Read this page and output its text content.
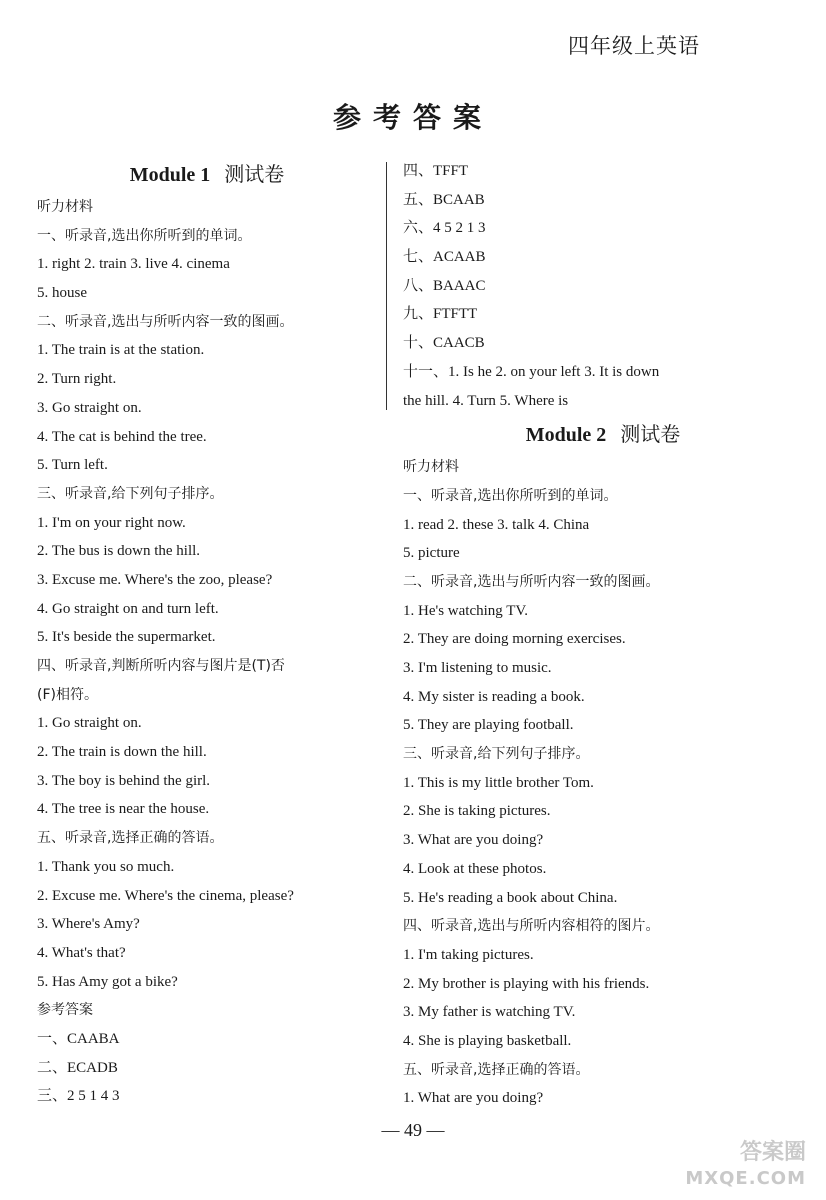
四年级上英语
参考答案
Module 1 测试卷
听力材料
一、听录音,选出你所听到的单词。
1. right 2. train 3. live 4. cinema
5. house
二、听录音,选出与所听内容一致的图画。
1. The train is at the station.
2. Turn right.
3. Go straight on.
4. The cat is behind the tree.
5. Turn left.
三、听录音,给下列句子排序。
1. I'm on your right now.
2. The bus is down the hill.
3. Excuse me. Where's the zoo, please?
4. Go straight on and turn left.
5. It's beside the supermarket.
四、听录音,判断所听内容与图片是(T)否
(F)相符。
1. Go straight on.
2. The train is down the hill.
3. The boy is behind the girl.
4. The tree is near the house.
五、听录音,选择正确的答语。
1. Thank you so much.
2. Excuse me. Where's the cinema, please?
3. Where's Amy?
4. What's that?
5. Has Amy got a bike?
参考答案
一、CAABA
二、ECADB
三、2 5 1 4 3
四、TFFT
五、BCAAB
六、4 5 2 1 3
七、ACAAB
八、BAAAC
九、FTFTT
十、CAACB
十一、1. Is he 2. on your left 3. It is down
the hill. 4. Turn 5. Where is
Module 2 测试卷
听力材料
一、听录音,选出你所听到的单词。
1. read 2. these 3. talk 4. China
5. picture
二、听录音,选出与所听内容一致的图画。
1. He's watching TV.
2. They are doing morning exercises.
3. I'm listening to music.
4. My sister is reading a book.
5. They are playing football.
三、听录音,给下列句子排序。
1. This is my little brother Tom.
2. She is taking pictures.
3. What are you doing?
4. Look at these photos.
5. He's reading a book about China.
四、听录音,选出与所听内容相符的图片。
1. I'm taking pictures.
2. My brother is playing with his friends.
3. My father is watching TV.
4. She is playing basketball.
五、听录音,选择正确的答语。
1. What are you doing?
— 49 —
答案圈
MXQE.COM
